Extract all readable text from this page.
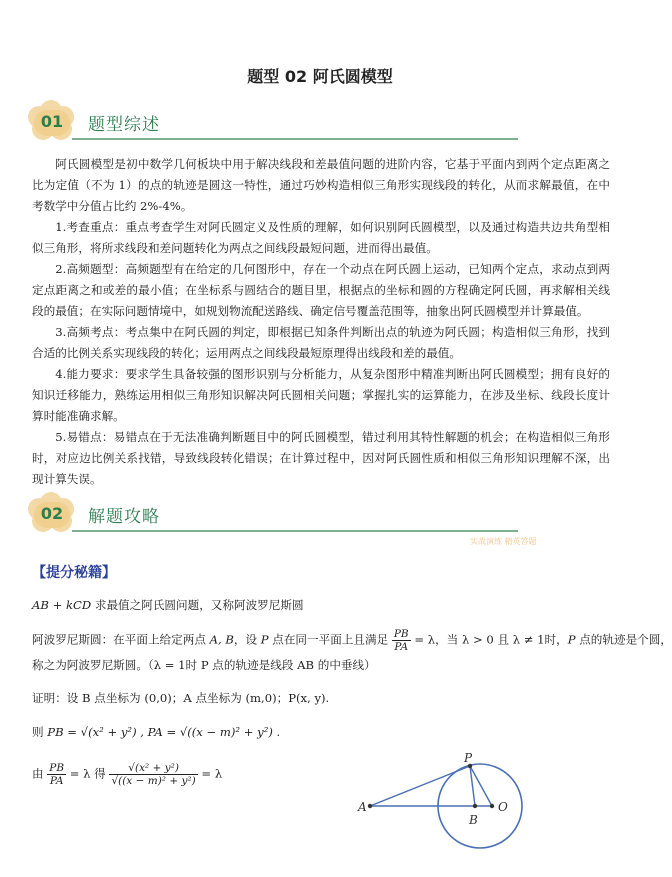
题型 02 阿氏圆模型
01	题型综述

阿氏圆模型是初中数学几何板块中用于解决线段和差最值问题的进阶内容，它基于平面内到两个定点距离之比为定值（不为 1）的点的轨迹是圆这一特性，通过巧妙构造相似三角形实现线段的转化，从而求解最值，在中考数学中分值占比约 2%-4%。

1.考查重点：重点考查学生对阿氏圆定义及性质的理解，如何识别阿氏圆模型，以及通过构造共边共角型相似三角形，将所求线段和差问题转化为两点之间线段最短问题，进而得出最值。

2.高频题型：高频题型有在给定的几何图形中，存在一个动点在阿氏圆上运动，已知两个定点，求动点到两定点距离之和或差的最小值；在坐标系与圆结合的题目里，根据点的坐标和圆的方程确定阿氏圆，再求解相关线段的最值；在实际问题情境中，如规划物流配送路线、确定信号覆盖范围等，抽象出阿氏圆模型并计算最值。

3.高频考点：考点集中在阿氏圆的判定，即根据已知条件判断出点的轨迹为阿氏圆；构造相似三角形，找到合适的比例关系实现线段的转化；运用两点之间线段最短原理得出线段和差的最值。

4.能力要求：要求学生具备较强的图形识别与分析能力，从复杂图形中精准判断出阿氏圆模型；拥有良好的知识迁移能力，熟练运用相似三角形知识解决阿氏圆相关问题；掌握扎实的运算能力，在涉及坐标、线段长度计算时能准确求解。

5.易错点：易错点在于无法准确判断题目中的阿氏圆模型，错过利用其特性解题的机会；在构造相似三角形时，对应边比例关系找错，导致线段转化错误；在计算过程中，因对阿氏圆性质和相似三角形知识理解不深，出现计算失误。

02	解题攻略
实战演练 精英答题
【提分秘籍】
AB + kCD 求最值之阿氏圆问题，又称阿波罗尼斯圆
阿波罗尼斯圆：在平面上给定两点 A, B，设 P 点在同一平面上且满足 $\frac{PB}{PA} = \lambda$，当 λ > 0 且 λ ≠ 1时，P 点的轨迹是个圆，
称之为阿波罗尼斯圆。（λ = 1时 P 点的轨迹是线段 AB 的中垂线）
证明：设 B 点坐标为 (0,0)；A 点坐标为 (m,0)；P(x, y).
则 PB = √(x² + y²) , PA = √((x − m)² + y²) .
由 $\frac{PB}{PA} = \lambda$ 得 $\frac{\text{√(x² + y²)}}{\text{√((x − m)² + y²)}} = \lambda$
A
P
B
O
